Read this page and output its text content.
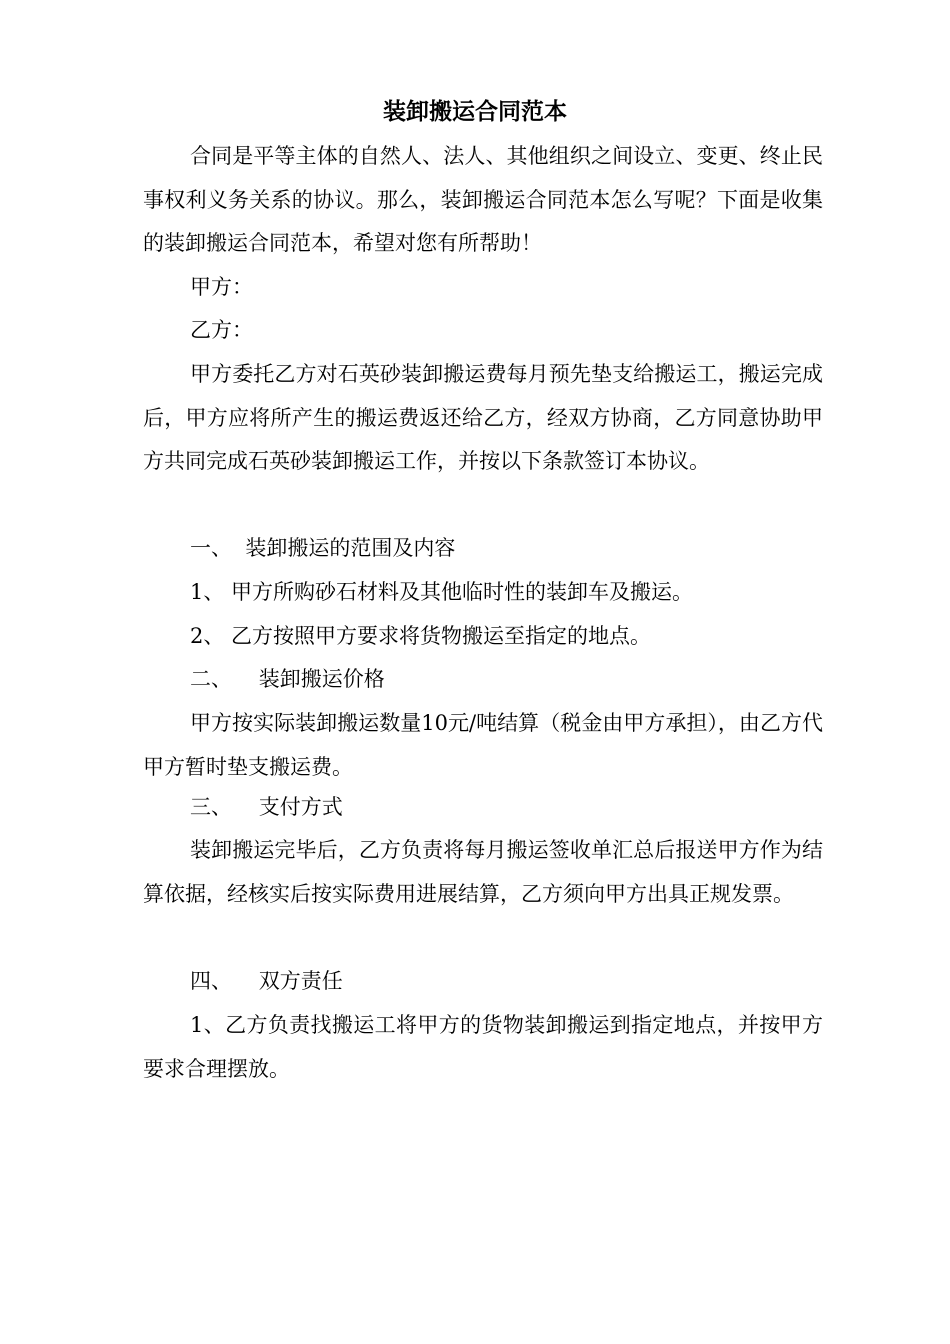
装卸搬运合同范本

合同是平等主体的自然人、法人、其他组织之间设立、变更、终止民事权利义务关系的协议。那么，装卸搬运合同范本怎么写呢？下面是收集的装卸搬运合同范本，希望对您有所帮助！

甲方：

乙方：

甲方委托乙方对石英砂装卸搬运费每月预先垫支给搬运工，搬运完成后，甲方应将所产生的搬运费返还给乙方，经双方协商，乙方同意协助甲方共同完成石英砂装卸搬运工作，并按以下条款签订本协议。

一、  装卸搬运的范围及内容

1、 甲方所购砂石材料及其他临时性的装卸车及搬运。

2、 乙方按照甲方要求将货物搬运至指定的地点。

二、    装卸搬运价格

甲方按实际装卸搬运数量10元/吨结算（税金由甲方承担），由乙方代甲方暂时垫支搬运费。

三、    支付方式

装卸搬运完毕后，乙方负责将每月搬运签收单汇总后报送甲方作为结算依据，经核实后按实际费用进展结算，乙方须向甲方出具正规发票。

四、    双方责任

1、乙方负责找搬运工将甲方的货物装卸搬运到指定地点，并按甲方要求合理摆放。
